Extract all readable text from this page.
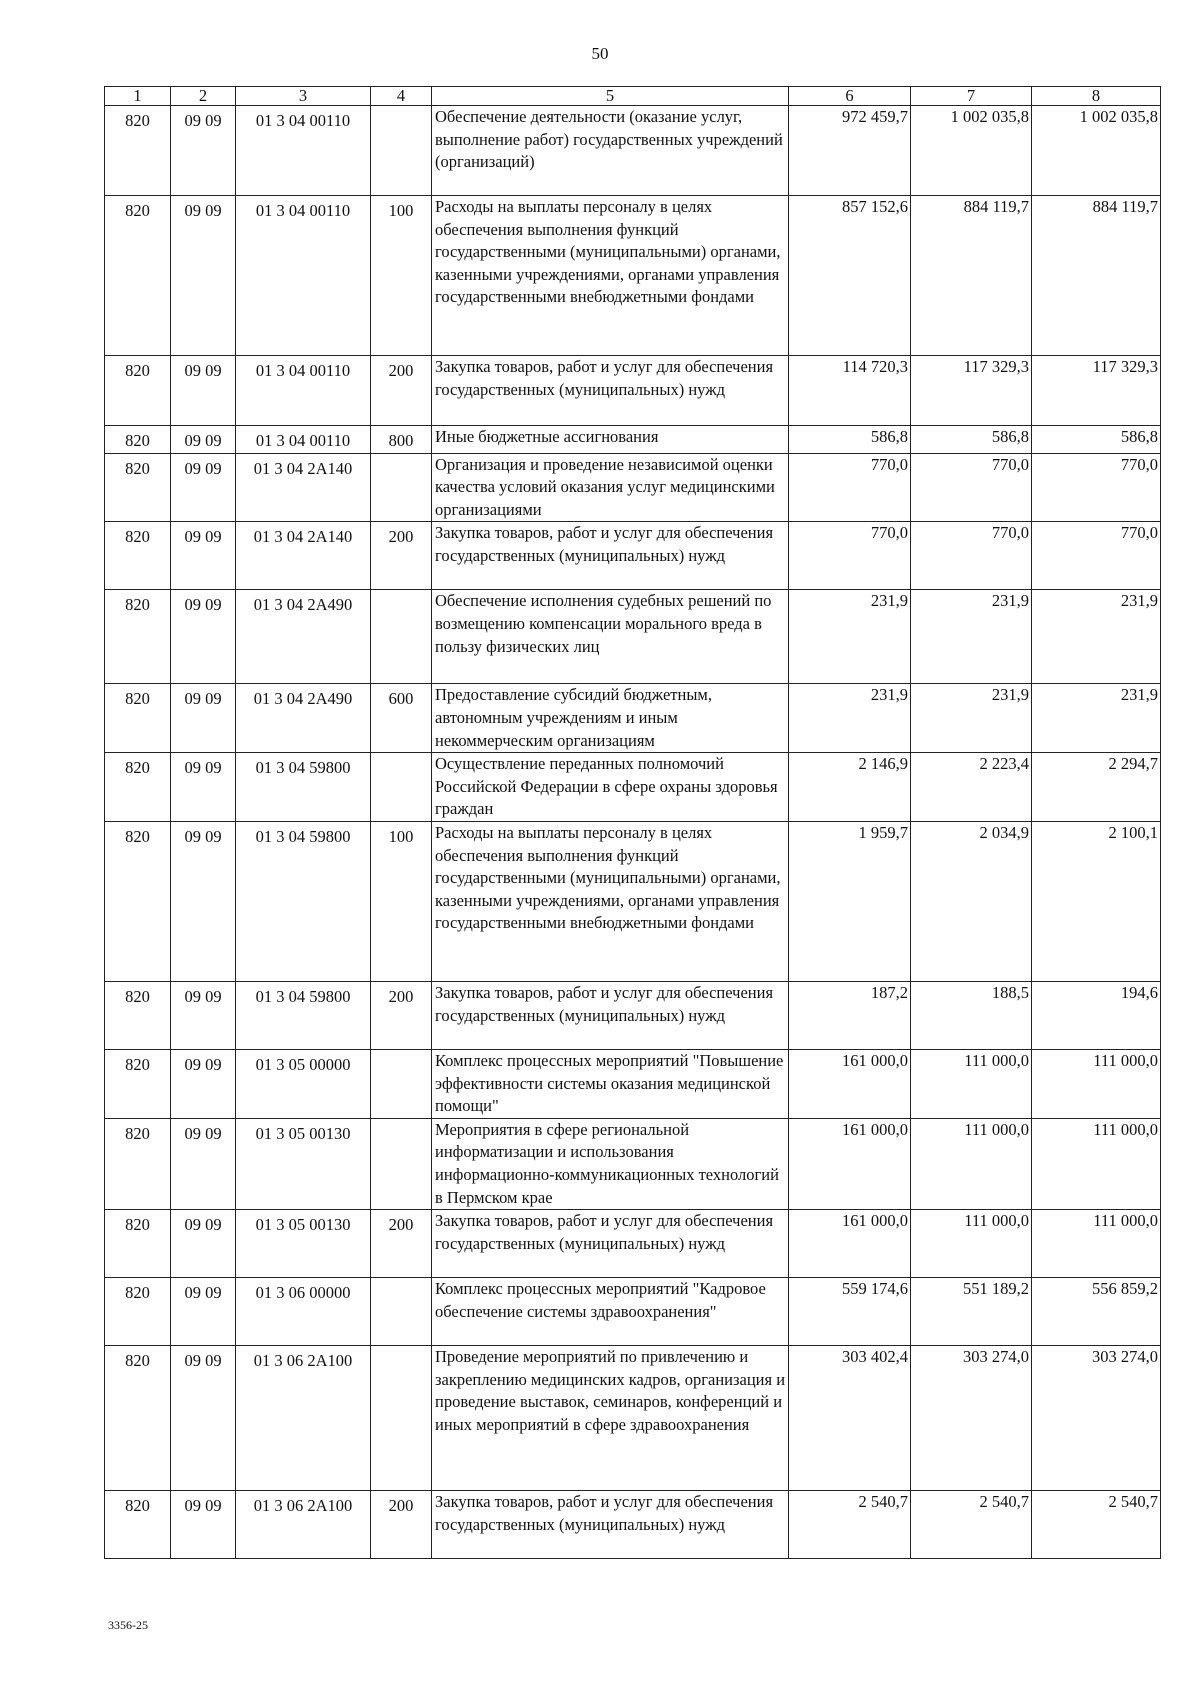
50
1	2	3	4	5	6	7	8
820	09 09	01 3 04 00110		Обеспечение деятельности (оказание услуг, выполнение работ) государственных учреждений (организаций)	972 459,7	1 002 035,8	1 002 035,8
820	09 09	01 3 04 00110	100	Расходы на выплаты персоналу в целях обеспечения выполнения функций государственными (муниципальными) органами, казенными учреждениями, органами управления государственными внебюджетными фондами	857 152,6	884 119,7	884 119,7
820	09 09	01 3 04 00110	200	Закупка товаров, работ и услуг для обеспечения государственных (муниципальных) нужд	114 720,3	117 329,3	117 329,3
820	09 09	01 3 04 00110	800	Иные бюджетные ассигнования	586,8	586,8	586,8
820	09 09	01 3 04 2А140		Организация и проведение независимой оценки качества условий оказания услуг медицинскими организациями	770,0	770,0	770,0
820	09 09	01 3 04 2А140	200	Закупка товаров, работ и услуг для обеспечения государственных (муниципальных) нужд	770,0	770,0	770,0
820	09 09	01 3 04 2А490		Обеспечение исполнения судебных решений по возмещению компенсации морального вреда в пользу физических лиц	231,9	231,9	231,9
820	09 09	01 3 04 2А490	600	Предоставление субсидий бюджетным, автономным учреждениям и иным некоммерческим организациям	231,9	231,9	231,9
820	09 09	01 3 04 59800		Осуществление переданных полномочий Российской Федерации в сфере охраны здоровья граждан	2 146,9	2 223,4	2 294,7
820	09 09	01 3 04 59800	100	Расходы на выплаты персоналу в целях обеспечения выполнения функций государственными (муниципальными) органами, казенными учреждениями, органами управления государственными внебюджетными фондами	1 959,7	2 034,9	2 100,1
820	09 09	01 3 04 59800	200	Закупка товаров, работ и услуг для обеспечения государственных (муниципальных) нужд	187,2	188,5	194,6
820	09 09	01 3 05 00000		Комплекс процессных мероприятий "Повышение эффективности системы оказания медицинской помощи"	161 000,0	111 000,0	111 000,0
820	09 09	01 3 05 00130		Мероприятия в сфере региональной информатизации и использования информационно-коммуникационных технологий в Пермском крае	161 000,0	111 000,0	111 000,0
820	09 09	01 3 05 00130	200	Закупка товаров, работ и услуг для обеспечения государственных (муниципальных) нужд	161 000,0	111 000,0	111 000,0
820	09 09	01 3 06 00000		Комплекс процессных мероприятий "Кадровое обеспечение системы здравоохранения"	559 174,6	551 189,2	556 859,2
820	09 09	01 3 06 2А100		Проведение мероприятий по привлечению и закреплению медицинских кадров, организация и проведение выставок, семинаров, конференций и иных мероприятий в сфере здравоохранения	303 402,4	303 274,0	303 274,0
820	09 09	01 3 06 2А100	200	Закупка товаров, работ и услуг для обеспечения государственных (муниципальных) нужд	2 540,7	2 540,7	2 540,7
3356-25
